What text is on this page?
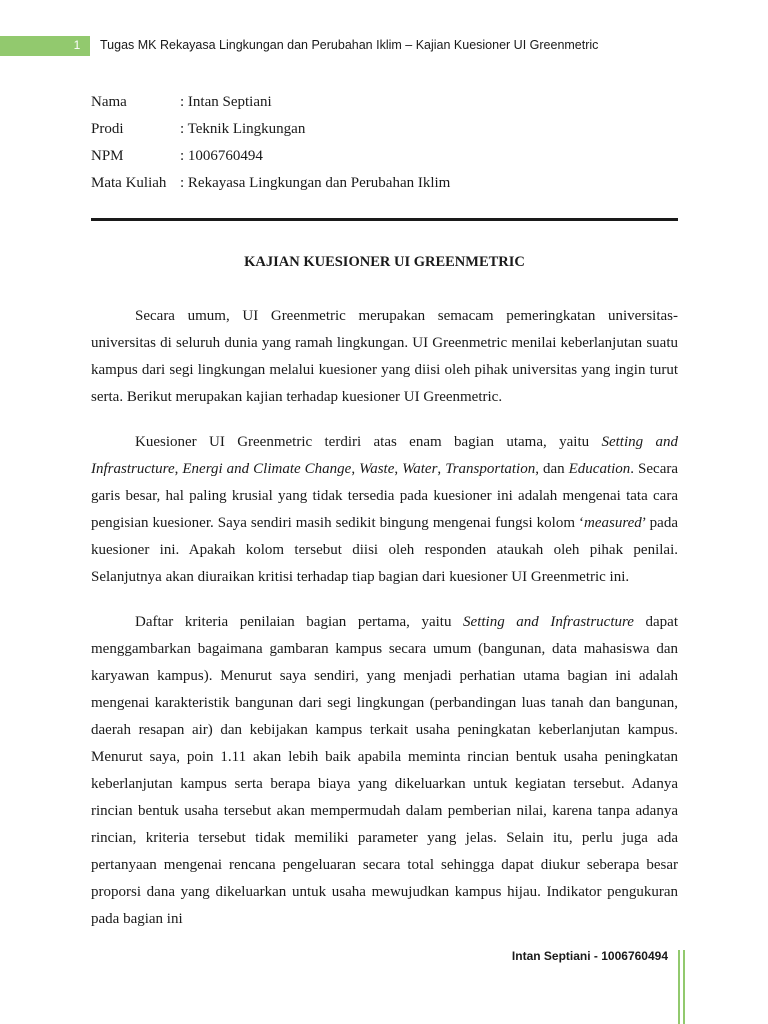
1 Tugas MK Rekayasa Lingkungan dan Perubahan Iklim – Kajian Kuesioner UI Greenmetric
Nama	: Intan Septiani
Prodi	: Teknik Lingkungan
NPM	: 1006760494
Mata Kuliah : Rekayasa Lingkungan dan Perubahan Iklim
KAJIAN KUESIONER UI GREENMETRIC

Secara umum, UI Greenmetric merupakan semacam pemeringkatan universitas-universitas di seluruh dunia yang ramah lingkungan. UI Greenmetric menilai keberlanjutan suatu kampus dari segi lingkungan melalui kuesioner yang diisi oleh pihak universitas yang ingin turut serta. Berikut merupakan kajian terhadap kuesioner UI Greenmetric.

Kuesioner UI Greenmetric terdiri atas enam bagian utama, yaitu Setting and Infrastructure, Energi and Climate Change, Waste, Water, Transportation, dan Education. Secara garis besar, hal paling krusial yang tidak tersedia pada kuesioner ini adalah mengenai tata cara pengisian kuesioner. Saya sendiri masih sedikit bingung mengenai fungsi kolom ‘measured’ pada kuesioner ini. Apakah kolom tersebut diisi oleh responden ataukah oleh pihak penilai. Selanjutnya akan diuraikan kritisi terhadap tiap bagian dari kuesioner UI Greenmetric ini.

Daftar kriteria penilaian bagian pertama, yaitu Setting and Infrastructure dapat menggambarkan bagaimana gambaran kampus secara umum (bangunan, data mahasiswa dan karyawan kampus). Menurut saya sendiri, yang menjadi perhatian utama bagian ini adalah mengenai karakteristik bangunan dari segi lingkungan (perbandingan luas tanah dan bangunan, daerah resapan air) dan kebijakan kampus terkait usaha peningkatan keberlanjutan kampus. Menurut saya, poin 1.11 akan lebih baik apabila meminta rincian bentuk usaha peningkatan keberlanjutan kampus serta berapa biaya yang dikeluarkan untuk kegiatan tersebut. Adanya rincian bentuk usaha tersebut akan mempermudah dalam pemberian nilai, karena tanpa adanya rincian, kriteria tersebut tidak memiliki parameter yang jelas. Selain itu, perlu juga ada pertanyaan mengenai rencana pengeluaran secara total sehingga dapat diukur seberapa besar proporsi dana yang dikeluarkan untuk usaha mewujudkan kampus hijau. Indikator pengukuran pada bagian ini

Intan Septiani - 1006760494
